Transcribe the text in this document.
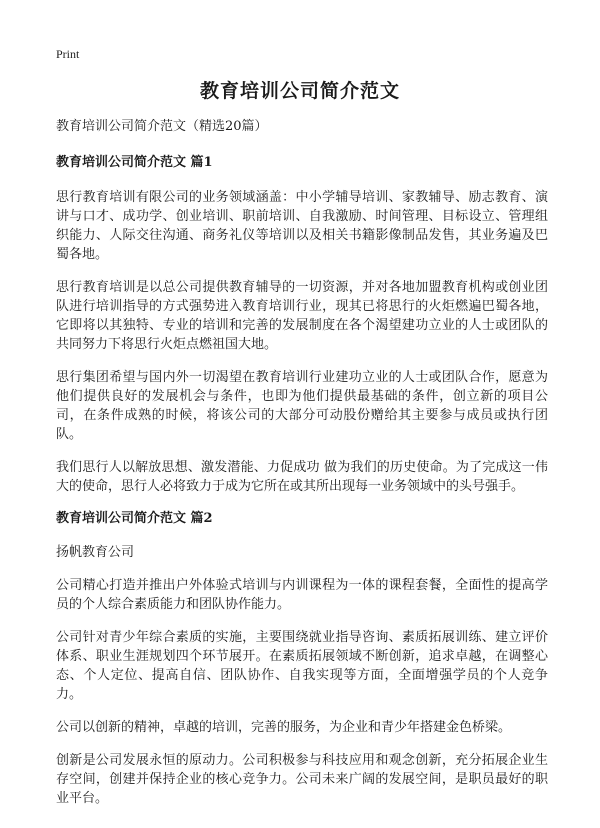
Print
教育培训公司简介范文

教育培训公司简介范文（精选20篇）

教育培训公司简介范文 篇1

思行教育培训有限公司的业务领域涵盖：中小学辅导培训、家教辅导、励志教育、演讲与口才、成功学、创业培训、职前培训、自我激励、时间管理、目标设立、管理组织能力、人际交往沟通、商务礼仪等培训以及相关书籍影像制品发售，其业务遍及巴蜀各地。

思行教育培训是以总公司提供教育辅导的一切资源，并对各地加盟教育机构或创业团队进行培训指导的方式强势进入教育培训行业，现其已将思行的火炬燃遍巴蜀各地，它即将以其独特、专业的培训和完善的发展制度在各个渴望建功立业的人士或团队的共同努力下将思行火炬点燃祖国大地。

思行集团希望与国内外一切渴望在教育培训行业建功立业的人士或团队合作，愿意为他们提供良好的发展机会与条件，也即为他们提供最基础的条件，创立新的项目公司，在条件成熟的时候，将该公司的大部分可动股份赠给其主要参与成员或执行团队。

我们思行人以解放思想、激发潜能、力促成功 做为我们的历史使命。为了完成这一伟大的使命，思行人必将致力于成为它所在或其所出现每一业务领域中的头号强手。

教育培训公司简介范文 篇2

扬帆教育公司

公司精心打造并推出户外体验式培训与内训课程为一体的课程套餐，全面性的提高学员的个人综合素质能力和团队协作能力。

公司针对青少年综合素质的实施，主要围绕就业指导咨询、素质拓展训练、建立评价体系、职业生涯规划四个环节展开。在素质拓展领域不断创新，追求卓越，在调整心态、个人定位、提高自信、团队协作、自我实现等方面，全面增强学员的个人竞争力。

公司以创新的精神，卓越的培训，完善的服务，为企业和青少年搭建金色桥梁。

创新是公司发展永恒的原动力。公司积极参与科技应用和观念创新，充分拓展企业生存空间，创建并保持企业的核心竞争力。公司未来广阔的发展空间，是职员最好的职业平台。
